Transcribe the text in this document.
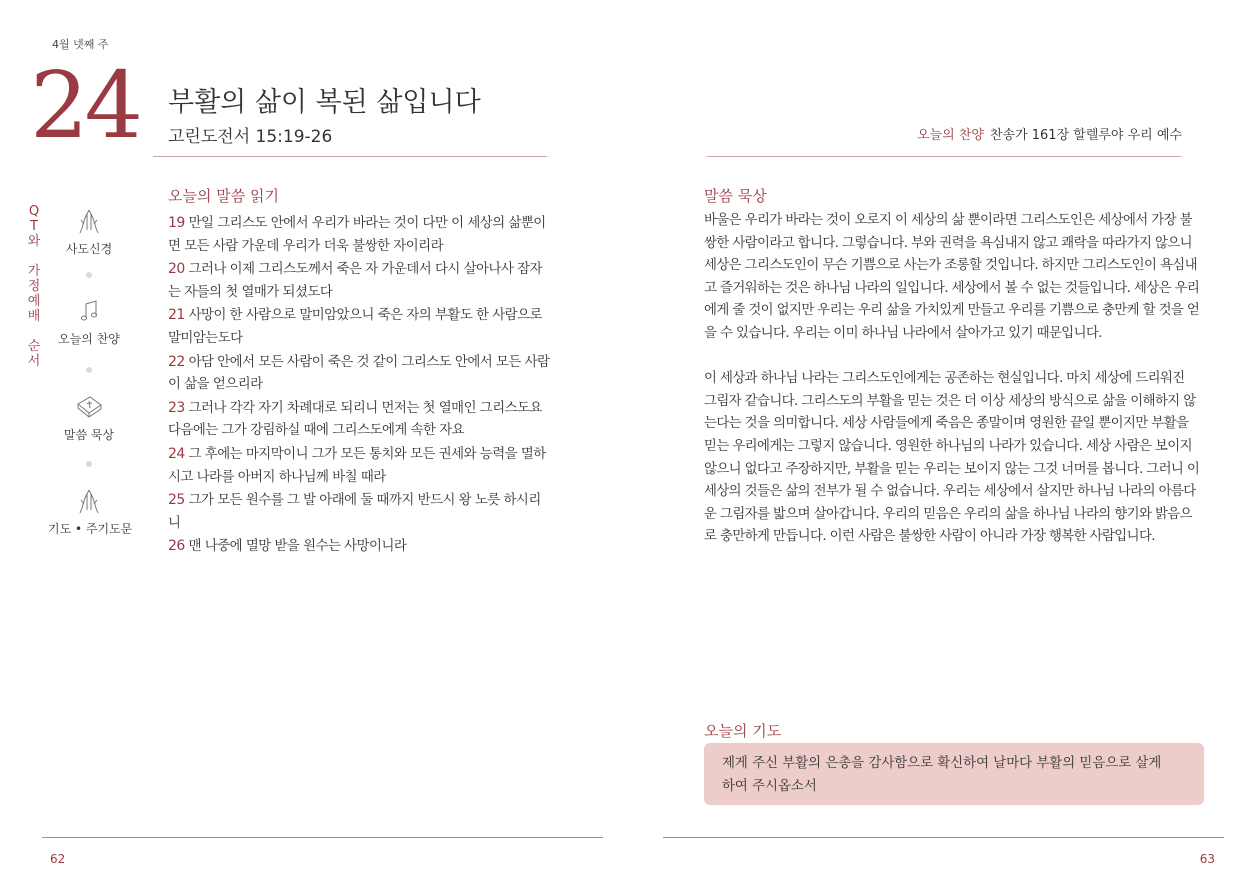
4월 넷째 주
24 부활의 삶이 복된 삶입니다
고린도전서 15:19-26
Q
T
와

가
정
예
배

순
서
사도신경
오늘의 찬양
말씀 묵상
기도 • 주기도문
오늘의 말씀 읽기
19 만일 그리스도 안에서 우리가 바라는 것이 다만 이 세상의 삶뿐이면 모든 사람 가운데 우리가 더욱 불쌍한 자이리라
20 그러나 이제 그리스도께서 죽은 자 가운데서 다시 살아나사 잠자는 자들의 첫 열매가 되셨도다
21 사망이 한 사람으로 말미암았으니 죽은 자의 부활도 한 사람으로 말미암는도다
22 아담 안에서 모든 사람이 죽은 것 같이 그리스도 안에서 모든 사람이 삶을 얻으리라
23 그러나 각각 자기 차례대로 되리니 먼저는 첫 열매인 그리스도요 다음에는 그가 강림하실 때에 그리스도에게 속한 자요
24 그 후에는 마지막이니 그가 모든 통치와 모든 권세와 능력을 멸하시고 나라를 아버지 하나님께 바칠 때라
25 그가 모든 원수를 그 발 아래에 둘 때까지 반드시 왕 노릇 하시리니
26 맨 나중에 멸망 받을 원수는 사망이니라
62
오늘의 찬양 찬송가 161장 할렐루야 우리 예수
말씀 묵상

바울은 우리가 바라는 것이 오로지 이 세상의 삶 뿐이라면 그리스도인은 세상에서 가장 불쌍한 사람이라고 합니다. 그렇습니다. 부와 권력을 욕심내지 않고 쾌락을 따라가지 않으니 세상은 그리스도인이 무슨 기쁨으로 사는가 조롱할 것입니다. 하지만 그리스도인이 욕심내고 즐거워하는 것은 하나님 나라의 일입니다. 세상에서 볼 수 없는 것들입니다. 세상은 우리에게 줄 것이 없지만 우리는 우리 삶을 가치있게 만들고 우리를 기쁨으로 충만케 할 것을 얻을 수 있습니다. 우리는 이미 하나님 나라에서 살아가고 있기 때문입니다.

이 세상과 하나님 나라는 그리스도인에게는 공존하는 현실입니다. 마치 세상에 드리워진 그림자 같습니다. 그리스도의 부활을 믿는 것은 더 이상 세상의 방식으로 삶을 이해하지 않는다는 것을 의미합니다. 세상 사람들에게 죽음은 종말이며 영원한 끝일 뿐이지만 부활을 믿는 우리에게는 그렇지 않습니다. 영원한 하나님의 나라가 있습니다. 세상 사람은 보이지 않으니 없다고 주장하지만, 부활을 믿는 우리는 보이지 않는 그것 너머를 봅니다. 그러니 이 세상의 것들은 삶의 전부가 될 수 없습니다. 우리는 세상에서 살지만 하나님 나라의 아름다운 그림자를 밟으며 살아갑니다. 우리의 믿음은 우리의 삶을 하나님 나라의 향기와 밝음으로 충만하게 만듭니다. 이런 사람은 불쌍한 사람이 아니라 가장 행복한 사람입니다.

오늘의 기도
제게 주신 부활의 은총을 감사함으로 확신하여 날마다 부활의 믿음으로 살게 하여 주시옵소서
63
